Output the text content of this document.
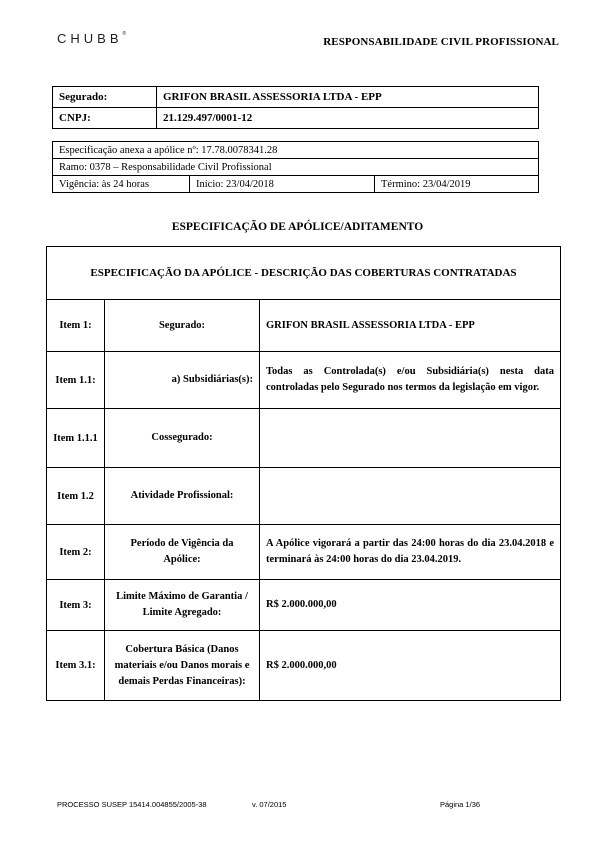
CHUBB®
RESPONSABILIDADE CIVIL PROFISSIONAL
Segurado:	GRIFON BRASIL ASSESSORIA LTDA - EPP
CNPJ:	21.129.497/0001-12
Especificação anexa a apólice nº: 17.78.0078341.28
Ramo: 0378 – Responsabilidade Civil Profissional
Vigência: às 24 horas	Início: 23/04/2018	Término: 23/04/2019
ESPECIFICAÇÃO DE APÓLICE/ADITAMENTO
ESPECIFICAÇÃO DA APÓLICE - DESCRIÇÃO DAS COBERTURAS CONTRATADAS		
Item 1:	Segurado:	GRIFON BRASIL ASSESSORIA LTDA - EPP
Item 1.1:	a) Subsidiárias(s):	Todas as Controlada(s) e/ou Subsidiária(s) nesta data controladas pelo Segurado nos termos da legislação em vigor.
Item 1.1.1	Cossegurado:	
Item 1.2	Atividade Profissional:	
Item 2:	Período de Vigência da Apólice:	A Apólice vigorará a partir das 24:00 horas do dia 23.04.2018 e terminará às 24:00 horas do dia 23.04.2019.
Item 3:	Limite Máximo de Garantia / Limite Agregado:	R$ 2.000.000,00
Item 3.1:	Cobertura Básica (Danos materiais e/ou Danos morais e demais Perdas Financeiras):	R$ 2.000.000,00
PROCESSO SUSEP 15414.004855/2005-38	v. 07/2015	Página 1/36
